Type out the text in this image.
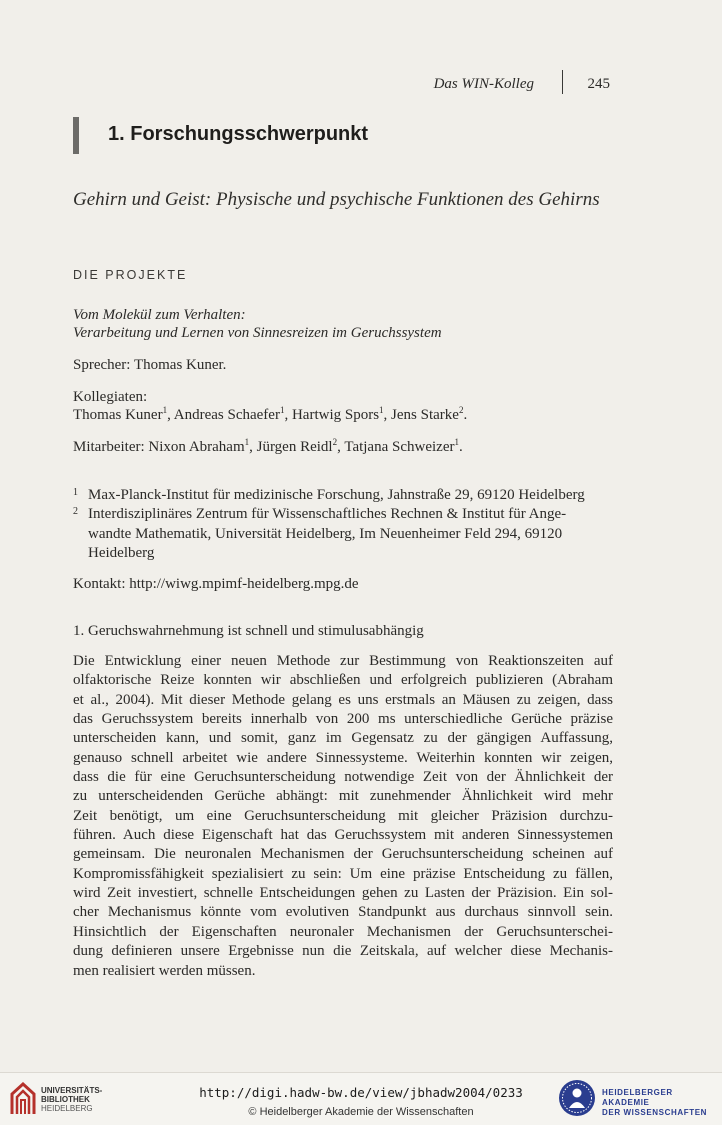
Das WIN-Kolleg	245
1. Forschungsschwerpunkt
Gehirn und Geist: Physische und psychische Funktionen des Gehirns
DIE PROJEKTE
Vom Molekül zum Verhalten:
Verarbeitung und Lernen von Sinnesreizen im Geruchssystem
Sprecher: Thomas Kuner.
Kollegiaten:
Thomas Kuner$^1$, Andreas Schaefer$^1$, Hartwig Spors$^1$, Jens Starke$^2$.
Mitarbeiter: Nixon Abraham$^1$, Jürgen Reidl$^2$, Tatjana Schweizer$^1$.
1 Max-Planck-Institut für medizinische Forschung, Jahnstraße 29, 69120 Heidelberg
2 Interdisziplinäres Zentrum für Wissenschaftliches Rechnen & Institut für Ange-
wandte Mathematik, Universität Heidelberg, Im Neuenheimer Feld 294, 69120
Heidelberg
Kontakt: http://wiwg.mpimf-heidelberg.mpg.de
1. Geruchswahrnehmung ist schnell und stimulusabhängig
Die Entwicklung einer neuen Methode zur Bestimmung von Reaktionszeiten auf
olfaktorische Reize konnten wir abschließen und erfolgreich publizieren (Abraham
et al., 2004). Mit dieser Methode gelang es uns erstmals an Mäusen zu zeigen, dass
das Geruchssystem bereits innerhalb von 200 ms unterschiedliche Gerüche präzise
unterscheiden kann, und somit, ganz im Gegensatz zu der gängigen Auffassung,
genauso schnell arbeitet wie andere Sinnessysteme. Weiterhin konnten wir zeigen,
dass die für eine Geruchsunterscheidung notwendige Zeit von der Ähnlichkeit der
zu unterscheidenden Gerüche abhängt: mit zunehmender Ähnlichkeit wird mehr
Zeit benötigt, um eine Geruchsunterscheidung mit gleicher Präzision durchzu-
führen. Auch diese Eigenschaft hat das Geruchssystem mit anderen Sinnessystemen
gemeinsam. Die neuronalen Mechanismen der Geruchsunterscheidung scheinen auf
Kompromissfähigkeit spezialisiert zu sein: Um eine präzise Entscheidung zu fällen,
wird Zeit investiert, schnelle Entscheidungen gehen zu Lasten der Präzision. Ein sol-
cher Mechanismus könnte vom evolutiven Standpunkt aus durchaus sinnvoll sein.
Hinsichtlich der Eigenschaften neuronaler Mechanismen der Geruchsunterschei-
dung definieren unsere Ergebnisse nun die Zeitskala, auf welcher diese Mechanis-
men realisiert werden müssen.
UNIVERSITÄTS-
BIBLIOTHEK
HEIDELBERG
http://digi.hadw-bw.de/view/jbhadw2004/0233
© Heidelberger Akademie der Wissenschaften
HEIDELBERGER AKADEMIE
DER WISSENSCHAFTEN
